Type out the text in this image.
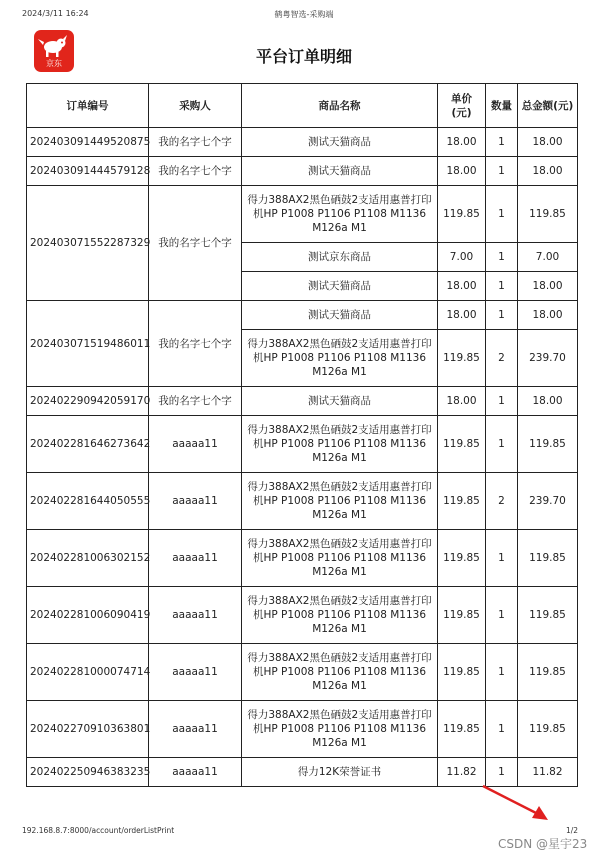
2024/3/11 16:24	鹤粤智选-采购端
京东	平台订单明细
订单编号	采购人	商品名称	单价(元)	数量	总金额(元)
202403091449520875	我的名字七个字	测试天猫商品	18.00	1	18.00
202403091444579128	我的名字七个字	测试天猫商品	18.00	1	18.00
202403071552287329	我的名字七个字	得力388AX2黑色硒鼓2支适用惠普打印机HP P1008 P1106 P1108 M1136 M126a M1	119.85	1	119.85
		测试京东商品	7.00	1	7.00
		测试天猫商品	18.00	1	18.00
202403071519486011	我的名字七个字	测试天猫商品	18.00	1	18.00
		得力388AX2黑色硒鼓2支适用惠普打印机HP P1008 P1106 P1108 M1136 M126a M1	119.85	2	239.70
202402290942059170	我的名字七个字	测试天猫商品	18.00	1	18.00
202402281646273642	aaaaa11	得力388AX2黑色硒鼓2支适用惠普打印机HP P1008 P1106 P1108 M1136 M126a M1	119.85	1	119.85
202402281644050555	aaaaa11	得力388AX2黑色硒鼓2支适用惠普打印机HP P1008 P1106 P1108 M1136 M126a M1	119.85	2	239.70
202402281006302152	aaaaa11	得力388AX2黑色硒鼓2支适用惠普打印机HP P1008 P1106 P1108 M1136 M126a M1	119.85	1	119.85
202402281006090419	aaaaa11	得力388AX2黑色硒鼓2支适用惠普打印机HP P1008 P1106 P1108 M1136 M126a M1	119.85	1	119.85
202402281000074714	aaaaa11	得力388AX2黑色硒鼓2支适用惠普打印机HP P1008 P1106 P1108 M1136 M126a M1	119.85	1	119.85
202402270910363801	aaaaa11	得力388AX2黑色硒鼓2支适用惠普打印机HP P1008 P1106 P1108 M1136 M126a M1	119.85	1	119.85
202402250946383235	aaaaa11	得力12K荣誉证书	11.82	1	11.82
192.168.8.7:8000/account/orderListPrint	1/2
CSDN @星宇23
